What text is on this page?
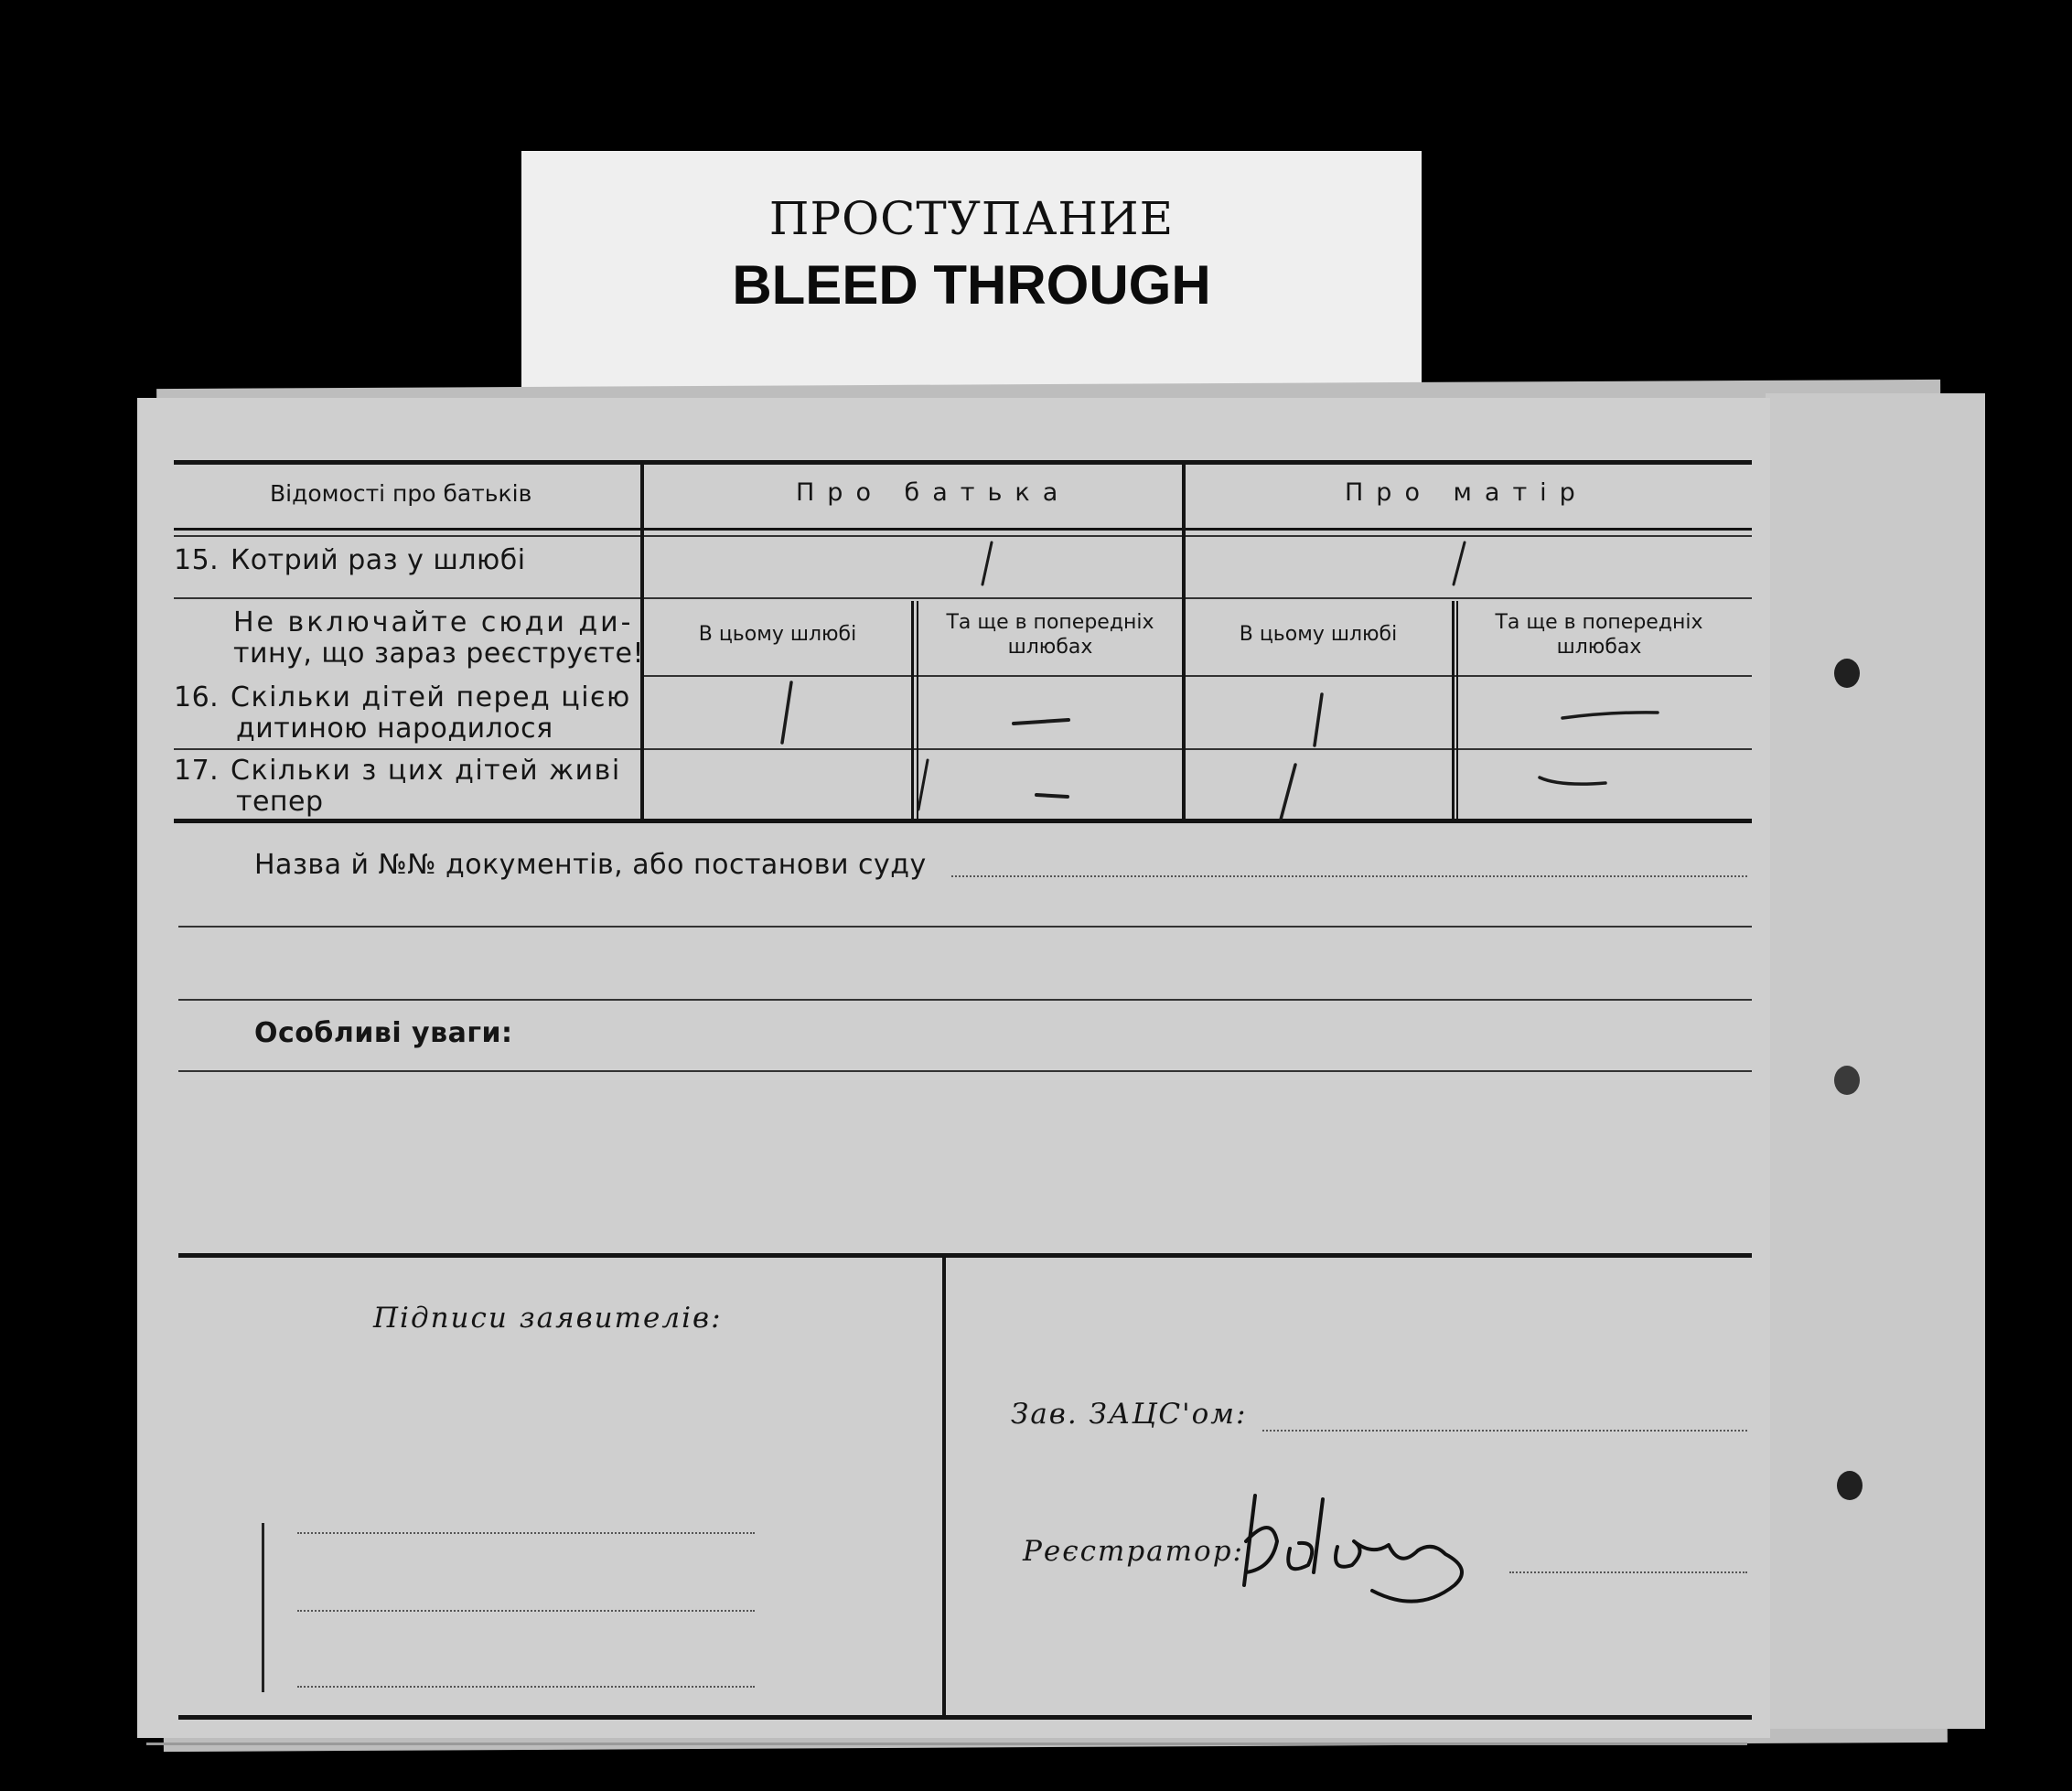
ПРОСТУПАНИЕ
BLEED THROUGH
Відомості про батьків	Про батька	Про матір
15. Котрий раз у шлюбі
Не включайте сюди ди-
тину, що зараз реєструєте!
В цьому шлюбі
Та ще в попередніх
шлюбах
В цьому шлюбі
Та ще в попередніх
шлюбах
16. Скільки дітей перед цією
дитиною народилося
17. Скільки з цих дітей живі
тепер
Назва й №№ документів, або постанови суду
Особливі уваги:
Підписи заявителів:
Зав. ЗАЦС'ом:
Реєстратор:
